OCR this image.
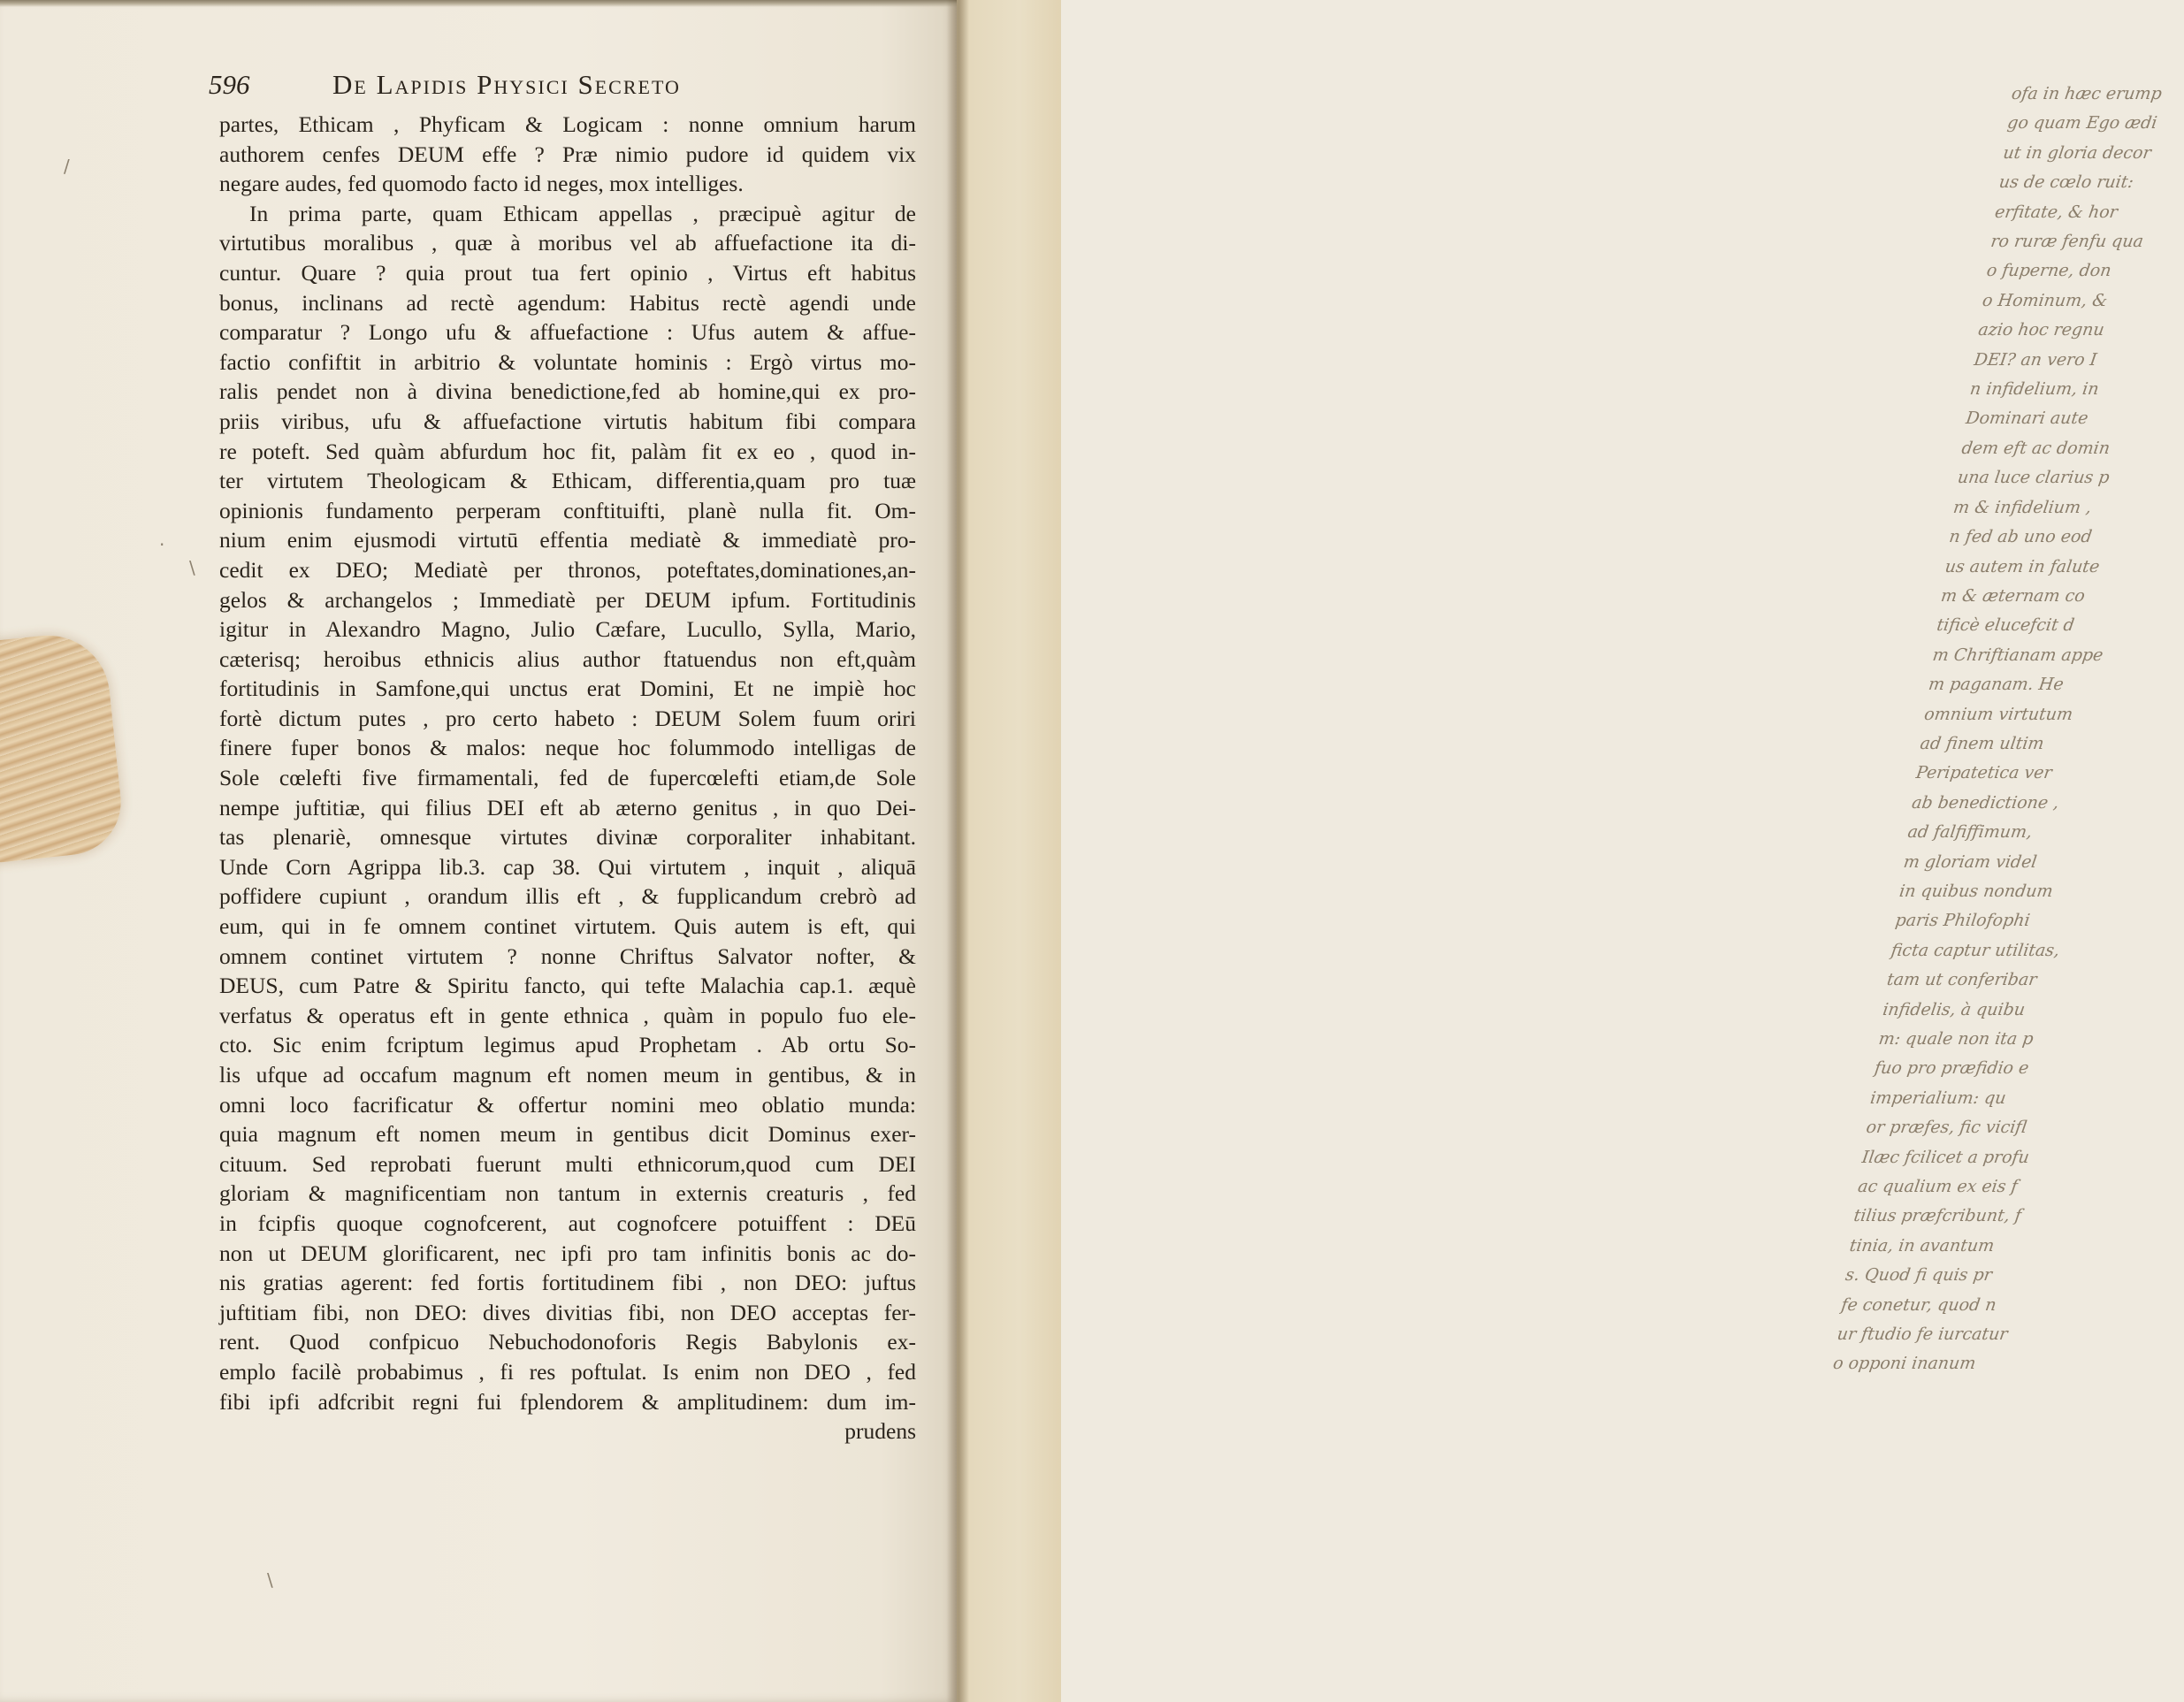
596	De Lapidis Physici Secreto
partes, Ethicam , Phyficam & Logicam : nonne omnium harum
authorem cenfes DEUM effe ? Præ nimio pudore id quidem vix
negare audes, fed quomodo facto id neges, mox intelliges.
In prima parte, quam Ethicam appellas , præcipuè agitur de
virtutibus moralibus , quæ à moribus vel ab affuefactione ita di-
cuntur. Quare ? quia prout tua fert opinio , Virtus eft habitus
bonus, inclinans ad rectè agendum: Habitus rectè agendi unde
comparatur ? Longo ufu & affuefactione : Ufus autem & affue-
factio confiftit in arbitrio & voluntate hominis : Ergò virtus mo-
ralis pendet non à divina benedictione,fed ab homine,qui ex pro-
priis viribus, ufu & affuefactione virtutis habitum fibi compara
re poteft. Sed quàm abfurdum hoc fit, palàm fit ex eo , quod in-
ter virtutem Theologicam & Ethicam, differentia,quam pro tuæ
opinionis fundamento perperam conftituifti, planè nulla fit. Om-
nium enim ejusmodi virtutū effentia mediatè & immediatè pro-
cedit ex DEO; Mediatè per thronos, poteftates,dominationes,an-
gelos & archangelos ; Immediatè per DEUM ipfum. Fortitudinis
igitur in Alexandro Magno, Julio Cæfare, Lucullo, Sylla, Mario,
cæterisq; heroibus ethnicis alius author ftatuendus non eft,quàm
fortitudinis in Samfone,qui unctus erat Domini, Et ne impiè hoc
fortè dictum putes , pro certo habeto : DEUM Solem fuum oriri
finere fuper bonos & malos: neque hoc folummodo intelligas de
Sole cœlefti five firmamentali, fed de fupercœlefti etiam,de Sole
nempe juftitiæ, qui filius DEI eft ab æterno genitus , in quo Dei-
tas plenariè, omnesque virtutes divinæ corporaliter inhabitant.
Unde Corn Agrippa lib.3. cap 38. Qui virtutem , inquit , aliquā
poffidere cupiunt , orandum illis eft , & fupplicandum crebrò ad
eum, qui in fe omnem continet virtutem. Quis autem is eft, qui
omnem continet virtutem ? nonne Chriftus Salvator nofter, &
DEUS, cum Patre & Spiritu fancto, qui tefte Malachia cap.1. æquè
verfatus & operatus eft in gente ethnica , quàm in populo fuo ele-
cto. Sic enim fcriptum legimus apud Prophetam . Ab ortu So-
lis ufque ad occafum magnum eft nomen meum in gentibus, & in
omni loco facrificatur & offertur nomini meo oblatio munda:
quia magnum eft nomen meum in gentibus dicit Dominus exer-
cituum. Sed reprobati fuerunt multi ethnicorum,quod cum DEI
gloriam & magnificentiam non tantum in externis creaturis , fed
in fcipfis quoque cognofcerent, aut cognofcere potuiffent : DEū
non ut DEUM glorificarent, nec ipfi pro tam infinitis bonis ac do-
nis gratias agerent: fed fortis fortitudinem fibi , non DEO: juftus
juftitiam fibi, non DEO: dives divitias fibi, non DEO acceptas fer-
rent. Quod confpicuo Nebuchodonoforis Regis Babylonis ex-
emplo facilè probabimus , fi res poftulat. Is enim non DEO , fed
fibi ipfi adfcribit regni fui fplendorem & amplitudinem: dum im-
prudens
/
.
\
\
ofa in hæc erump
go quam Ego ædi
ut in gloria decor
us de cœlo ruit:
erfitate, & hor
ro ruræ fenfu qua
o fuperne, don
o Hominum, &
azio hoc regnu
DEI? an vero I
n infidelium, in
Dominari aute
dem eft ac domin
una luce clarius p
m & infidelium ,
n fed ab uno eod
us autem in falute
m & æternam co
tificè elucefcit d
m Chriftianam appe
m paganam. He
omnium virtutum
ad finem ultim
Peripatetica ver
ab benedictione ,
ad falfiffimum,
m gloriam videl
in quibus nondum
paris Philofophi
ficta captur utilitas,
tam ut conferibar
infidelis, à quibu
m: quale non ita p
fuo pro præfidio e
imperialium: qu
or præfes, fic vicifl
Ilæc fcilicet a profu
ac qualium ex eis f
tilius præfcribunt, f
tinia, in avantum
s. Quod fi quis pr
fe conetur, quod n
ur ftudio fe iurcatur
o opponi inanum
